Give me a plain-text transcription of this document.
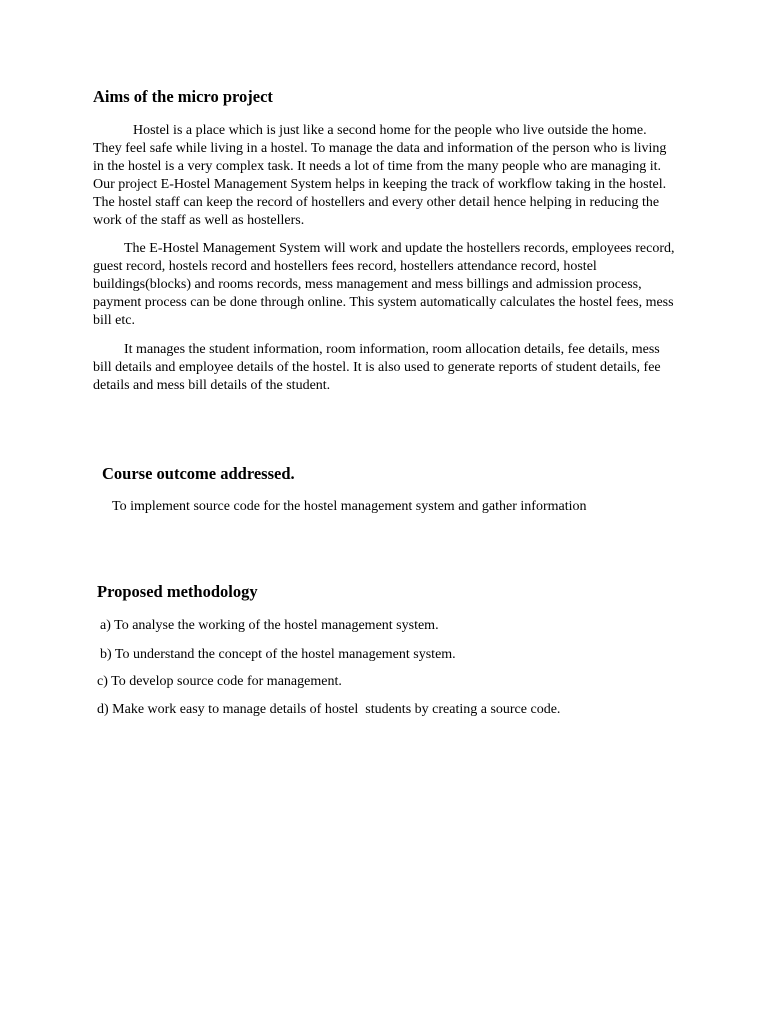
Aims of the micro project

Hostel is a place which is just like a second home for the people who live outside the home. They feel safe while living in a hostel. To manage the data and information of the person who is living in the hostel is a very complex task. It needs a lot of time from the many people who are managing it. Our project E-Hostel Management System helps in keeping the track of workflow taking in the hostel. The hostel staff can keep the record of hostellers and every other detail hence helping in reducing the work of the staff as well as hostellers.

The E-Hostel Management System will work and update the hostellers records, employees record, guest record, hostels record and hostellers fees record, hostellers attendance record, hostel buildings(blocks) and rooms records, mess management and mess billings and admission process, payment process can be done through online. This system automatically calculates the hostel fees, mess bill etc.

It manages the student information, room information, room allocation details, fee details, mess bill details and employee details of the hostel. It is also used to generate reports of student details, fee details and mess bill details of the student.

Course outcome addressed.

To implement source code for the hostel management system and gather information

Proposed methodology

a) To analyse the working of the hostel management system.

b) To understand the concept of the hostel management system.

c) To develop source code for management.

d) Make work easy to manage details of hostel  students by creating a source code.
